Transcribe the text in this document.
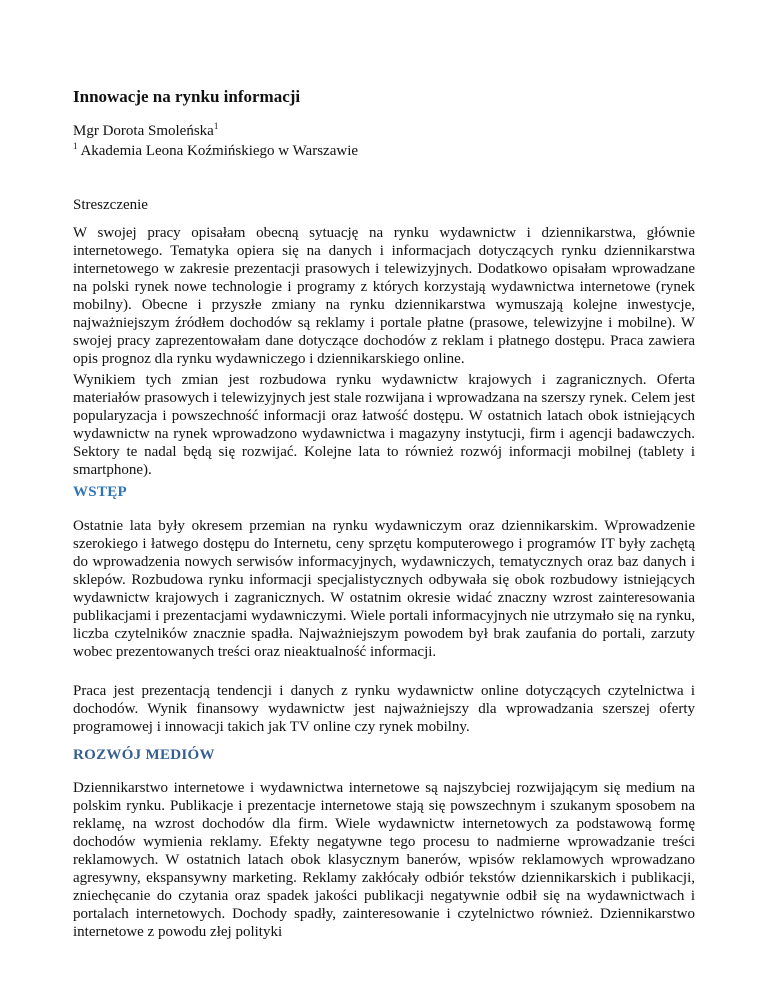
Innowacje na rynku informacji
Mgr Dorota Smoleńska$^1$
$^1$ Akademia Leona Koźmińskiego w Warszawie
Streszczenie

W swojej pracy opisałam obecną sytuację na rynku wydawnictw i dziennikarstwa, głównie internetowego. Tematyka opiera się na danych i informacjach dotyczących rynku dziennikarstwa internetowego w zakresie prezentacji prasowych i telewizyjnych. Dodatkowo opisałam wprowadzane na polski rynek nowe technologie i programy z których korzystają wydawnictwa internetowe (rynek mobilny). Obecne i przyszłe zmiany na rynku dziennikarstwa wymuszają kolejne inwestycje, najważniejszym źródłem dochodów są reklamy i portale płatne (prasowe, telewizyjne i mobilne). W swojej pracy zaprezentowałam dane dotyczące dochodów z reklam i płatnego dostępu. Praca zawiera opis prognoz dla rynku wydawniczego i dziennikarskiego online.

Wynikiem tych zmian jest rozbudowa rynku wydawnictw krajowych i zagranicznych. Oferta materiałów prasowych i telewizyjnych jest stale rozwijana i wprowadzana na szerszy rynek. Celem jest popularyzacja i powszechność informacji oraz łatwość dostępu. W ostatnich latach obok istniejących wydawnictw na rynek wprowadzono wydawnictwa i magazyny instytucji, firm i agencji badawczych. Sektory te nadal będą się rozwijać. Kolejne lata to również rozwój informacji mobilnej (tablety i smartphone).

WSTĘP

Ostatnie lata były okresem przemian na rynku wydawniczym oraz dziennikarskim. Wprowadzenie szerokiego i łatwego dostępu do Internetu, ceny sprzętu komputerowego i programów IT były zachętą do wprowadzenia nowych serwisów informacyjnych, wydawniczych, tematycznych oraz baz danych i sklepów. Rozbudowa rynku informacji specjalistycznych odbywała się obok rozbudowy istniejących wydawnictw krajowych i zagranicznych. W ostatnim okresie widać znaczny wzrost zainteresowania publikacjami i prezentacjami wydawniczymi. Wiele portali informacyjnych nie utrzymało się na rynku, liczba czytelników znacznie spadła. Najważniejszym powodem był brak zaufania do portali, zarzuty wobec prezentowanych treści oraz nieaktualność informacji.

Praca jest prezentacją tendencji i danych z rynku wydawnictw online dotyczących czytelnictwa i dochodów. Wynik finansowy wydawnictw jest najważniejszy dla wprowadzania szerszej oferty programowej i innowacji takich jak TV online czy rynek mobilny.

ROZWÓJ MEDIÓW

Dziennikarstwo internetowe i wydawnictwa internetowe są najszybciej rozwijającym się medium na polskim rynku. Publikacje i prezentacje internetowe stają się powszechnym i szukanym sposobem na reklamę, na wzrost dochodów dla firm. Wiele wydawnictw internetowych za podstawową formę dochodów wymienia reklamy. Efekty negatywne tego procesu to nadmierne wprowadzanie treści reklamowych. W ostatnich latach obok klasycznym banerów, wpisów reklamowych wprowadzano agresywny, ekspansywny marketing. Reklamy zakłócały odbiór tekstów dziennikarskich i publikacji, zniechęcanie do czytania oraz spadek jakości publikacji negatywnie odbił się na wydawnictwach i portalach internetowych. Dochody spadły, zainteresowanie i czytelnictwo również. Dziennikarstwo internetowe z powodu złej polityki
